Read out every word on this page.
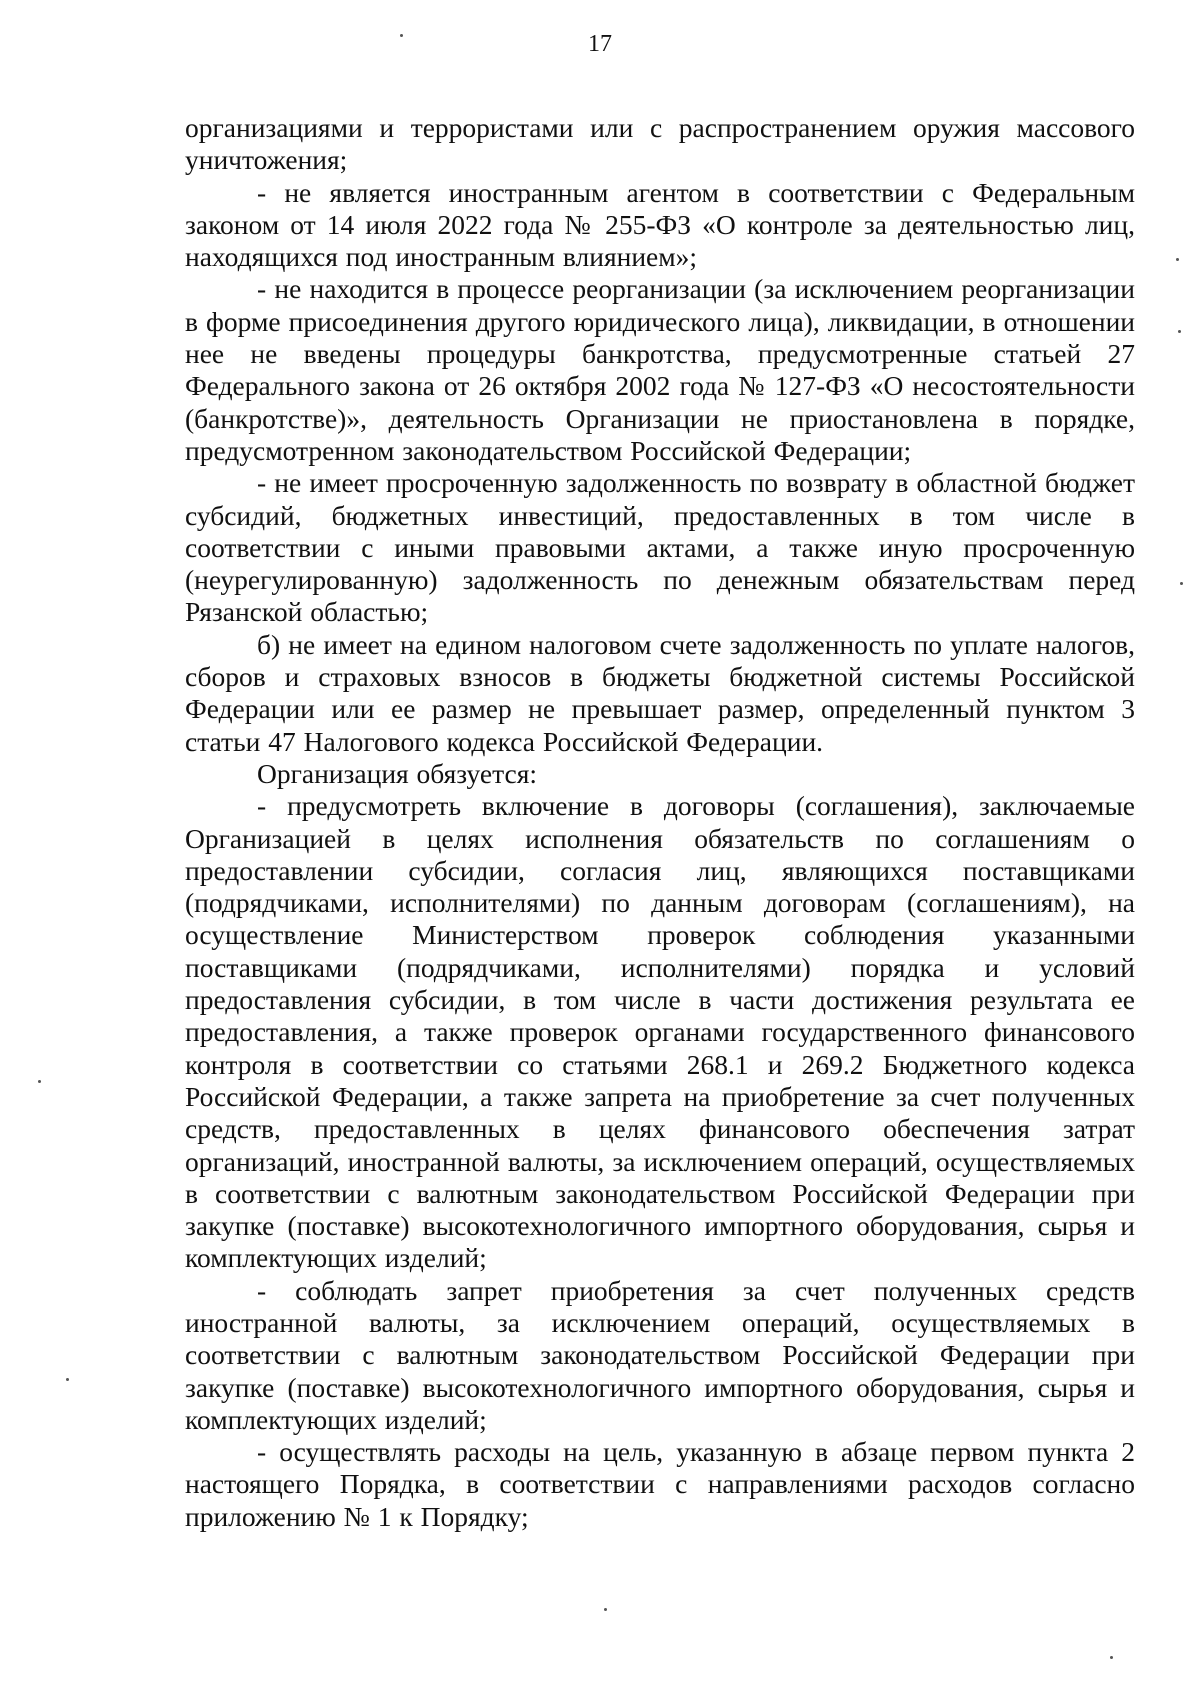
17

организациями и террористами или с распространением оружия массового уничтожения;

- не является иностранным агентом в соответствии с Федеральным законом от 14 июля 2022 года № 255-ФЗ «О контроле за деятельностью лиц, находящихся под иностранным влиянием»;

- не находится в процессе реорганизации (за исключением реорганизации в форме присоединения другого юридического лица), ликвидации, в отношении нее не введены процедуры банкротства, предусмотренные статьей 27 Федерального закона от 26 октября 2002 года № 127-ФЗ «О несостоятельности (банкротстве)», деятельность Организации не приостановлена в порядке, предусмотренном законодательством Российской Федерации;

- не имеет просроченную задолженность по возврату в областной бюджет субсидий, бюджетных инвестиций, предоставленных в том числе в соответствии с иными правовыми актами, а также иную просроченную (неурегулированную) задолженность по денежным обязательствам перед Рязанской областью;

б) не имеет на едином налоговом счете задолженность по уплате налогов, сборов и страховых взносов в бюджеты бюджетной системы Российской Федерации или ее размер не превышает размер, определенный пунктом 3 статьи 47 Налогового кодекса Российской Федерации.

Организация обязуется:

- предусмотреть включение в договоры (соглашения), заключаемые Организацией в целях исполнения обязательств по соглашениям о предоставлении субсидии, согласия лиц, являющихся поставщиками (подрядчиками, исполнителями) по данным договорам (соглашениям), на осуществление Министерством проверок соблюдения указанными поставщиками (подрядчиками, исполнителями) порядка и условий предоставления субсидии, в том числе в части достижения результата ее предоставления, а также проверок органами государственного финансового контроля в соответствии со статьями 268.1 и 269.2 Бюджетного кодекса Российской Федерации, а также запрета на приобретение за счет полученных средств, предоставленных в целях финансового обеспечения затрат организаций, иностранной валюты, за исключением операций, осуществляемых в соответствии с валютным законодательством Российской Федерации при закупке (поставке) высокотехнологичного импортного оборудования, сырья и комплектующих изделий;

- соблюдать запрет приобретения за счет полученных средств иностранной валюты, за исключением операций, осуществляемых в соответствии с валютным законодательством Российской Федерации при закупке (поставке) высокотехнологичного импортного оборудования, сырья и комплектующих изделий;

- осуществлять расходы на цель, указанную в абзаце первом пункта 2 настоящего Порядка, в соответствии с направлениями расходов согласно приложению № 1 к Порядку;
